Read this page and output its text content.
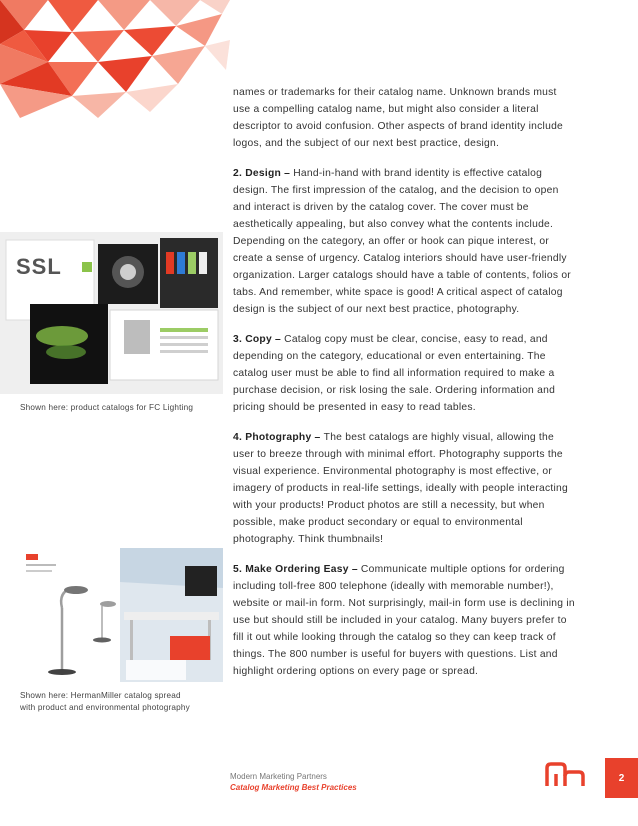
SSL
Shown here: product catalogs for FC Lighting
Shown here: HermanMiller catalog spread
with product and environmental photography

names or trademarks for their catalog name. Unknown brands must use a compelling catalog name, but might also consider a literal descriptor to avoid confusion. Other aspects of brand identity include logos, and the subject of our next best practice, design.

2. Design – Hand-in-hand with brand identity is effective catalog design. The first impression of the catalog, and the decision to open and interact is driven by the catalog cover. The cover must be aesthetically appealing, but also convey what the contents include. Depending on the category, an offer or hook can pique interest, or create a sense of urgency. Catalog interiors should have user-friendly organization. Larger catalogs should have a table of contents, folios or tabs. And remember, white space is good! A critical aspect of catalog design is the subject of our next best practice, photography.

3. Copy – Catalog copy must be clear, concise, easy to read, and depending on the category, educational or even entertaining. The catalog user must be able to find all information required to make a purchase decision, or risk losing the sale. Ordering information and pricing should be presented in easy to read tables.

4. Photography – The best catalogs are highly visual, allowing the user to breeze through with minimal effort. Photography supports the visual experience. Environmental photography is most effective, or imagery of products in real-life settings, ideally with people interacting with your products! Product photos are still a necessity, but when possible, make product secondary or equal to environmental photography. Think thumbnails!

5. Make Ordering Easy – Communicate multiple options for ordering including toll-free 800 telephone (ideally with memorable number!), website or mail-in form. Not surprisingly, mail-in form use is declining in use but should still be included in your catalog. Many buyers prefer to fill it out while looking through the catalog so they can keep track of things. The 800 number is useful for buyers with questions. List and highlight ordering options on every page or spread.

Modern Marketing Partners
Catalog Marketing Best Practices
2
